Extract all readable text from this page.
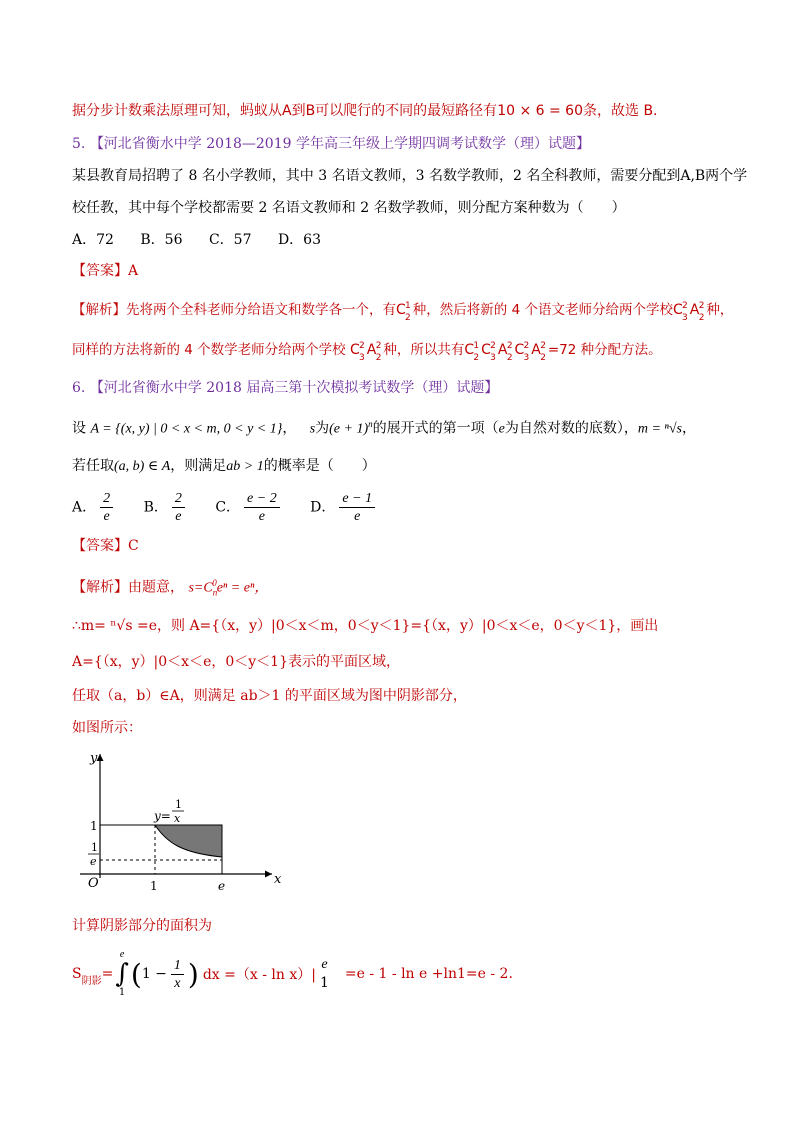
据分步计数乘法原理可知，蚂蚁从A到B可以爬行的不同的最短路径有10 × 6 = 60条，故选 B.
5. 【河北省衡水中学 2018—2019 学年高三年级上学期四调考试数学（理）试题】
某县教育局招聘了 8 名小学教师，其中 3 名语文教师，3 名数学教师，2 名全科教师，需要分配到A,B两个学
校任教，其中每个学校都需要 2 名语文教师和 2 名数学教师，则分配方案种数为（　　）
A．72 B．56 C．57 D．63
【答案】A
【解析】先将两个全科老师分给语文和数学各一个，有C 1
2 种，然后将新的 4 个语文老师分给两个学校C 2
3 A 2
2 种，
同样的方法将新的 4 个数学老师分给两个学校 C 2
3 A 2
2 种，所以共有C 1
2 C 2
3 A 2
2 C 2
3 A 2
2 =72 种分配方法。
6. 【河北省衡水中学 2018 届高三第十次模拟考试数学（理）试题】
设 A = {(x, y) | 0 < x < m, 0 < y < 1}， s为$(e + 1)^n$的展开式的第一项（e为自然对数的底数），m = ⁿ√s，
若任取(a, b) ∈ A，则满足ab > 1的概率是（　　）
A． $\frac{2}{e}$ B． $\frac{2}{e}$ C． $\frac{e - 2}{e}$ D． $\frac{e - 1}{e}$
【答案】C
【解析】由题意， $s=C_n^0e^n = e^n$，
∴m= ⁿ√s =e，则 A={（x，y）|0＜x＜m，0＜y＜1}={（x，y）|0＜x＜e，0＜y＜1}，画出
A={（x，y）|0＜x＜e，0＜y＜1}表示的平面区域，
任取（a，b）∈A，则满足 ab＞1 的平面区域为图中阴影部分，
如图所示：
y
x
O
1
1
e
1	e
y=
1
x
计算阴影部分的面积为
$S_{阴影}$ =
e
∫
1
( $1 - \frac{1}{x}$ ) dx =（x - ln x）|
e
1
=e - 1 - ln e +ln1=e - 2.
